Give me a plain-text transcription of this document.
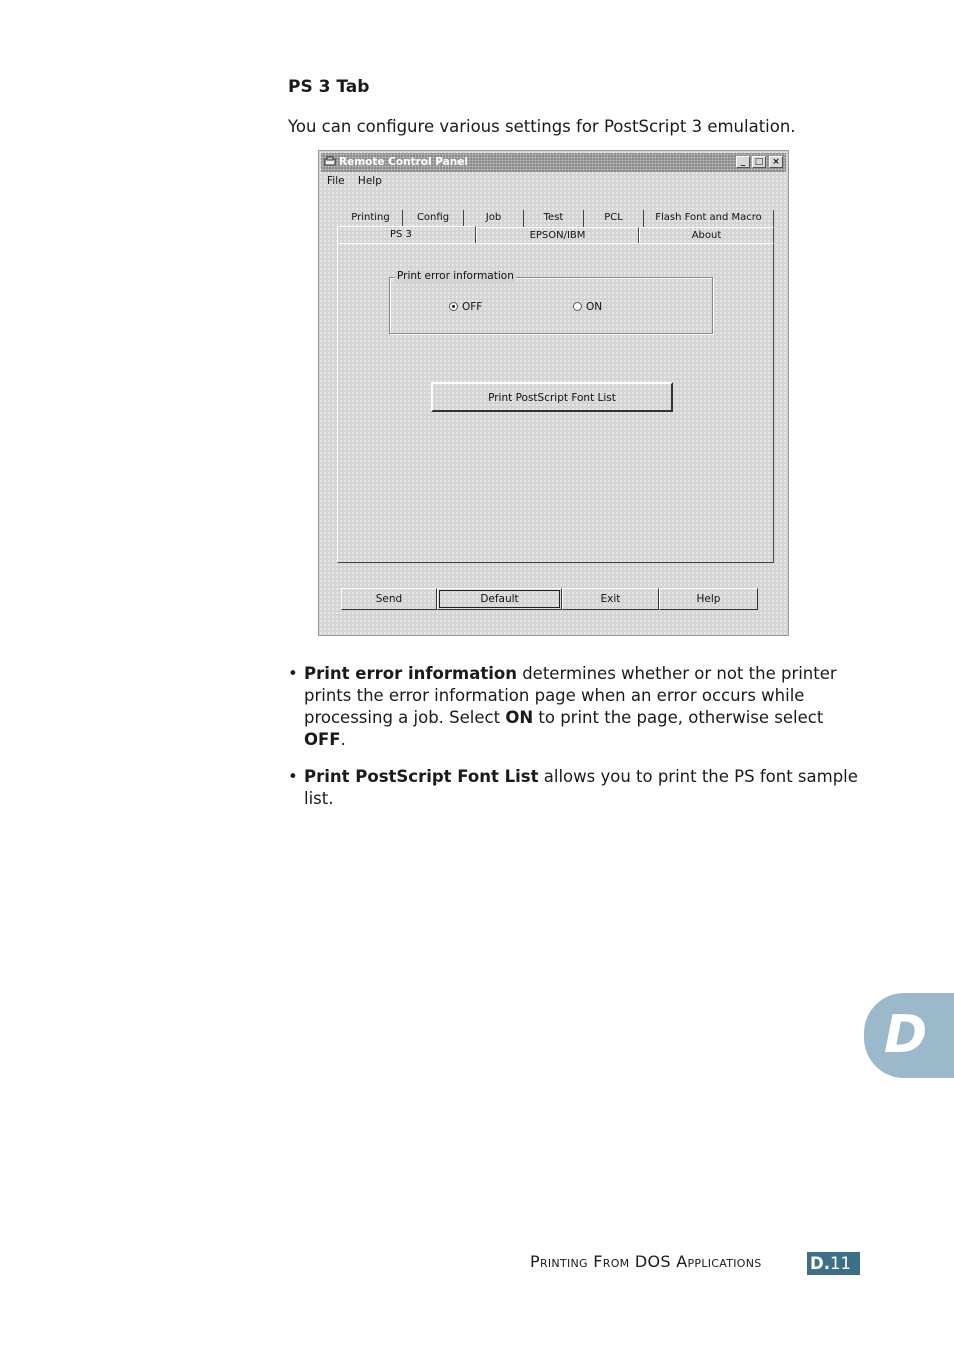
PS 3 Tab
You can configure various settings for PostScript 3 emulation.
Remote Control Panel	_	□ ×
File Help
Printing	Config	Job	Test	PCL	Flash Font and Macro
PS 3	EPSON/IBM	About
Print error information
OFF	ON
Print PostScript Font List
Send	Default	Exit	Help
• Print error information determines whether or not the printer prints the error information page when an error occurs while processing a job. Select ON to print the page, otherwise select OFF.
• Print PostScript Font List allows you to print the PS font sample list.
D
Printing From DOS Applications	D.11
